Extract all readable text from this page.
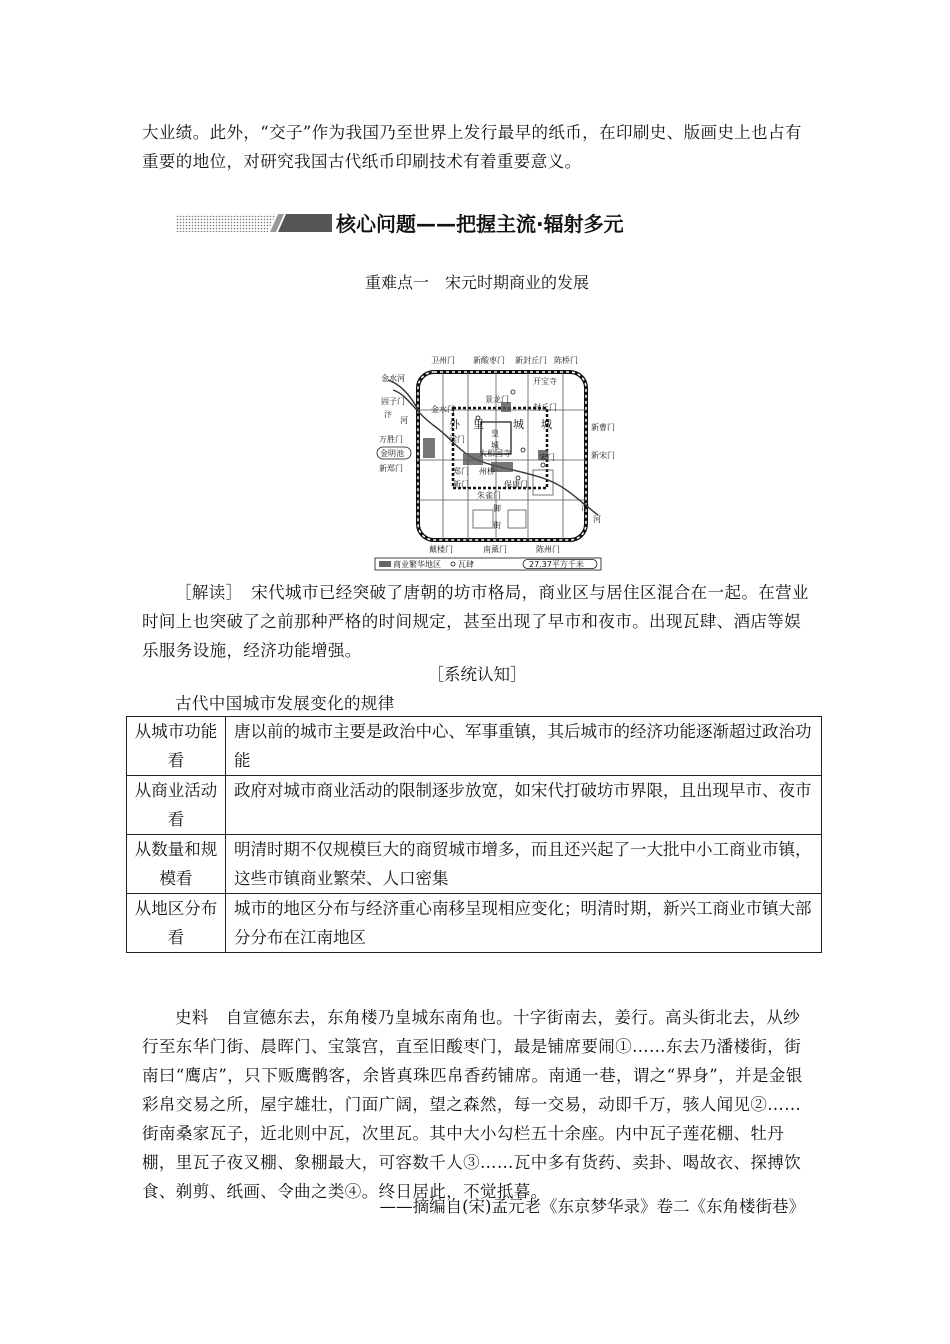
大业绩。此外，“交子”作为我国乃至世界上发行最早的纸币，在印刷史、版画史上也占有重要的地位，对研究我国古代纸币印刷技术有着重要意义。
核心问题——把握主流·辐射多元
重难点一　宋元时期商业的发展
卫州门 新酸枣门 新封丘门 陈桥门
金水河
固子门
汴
河
开宝寺
景龙门
金水门	封丘门
外 里	城 城
梁门
皇
城
万胜门
金明池	大相国寺	宋门
新郑门	郑门 州桥
新门	保康门
朱雀门
御
街
新曹门
新宋门
汴
河
戴楼门	南薰门	陈州门
商业繁华地区 瓦肆	27.37平方千米
［解读］　宋代城市已经突破了唐朝的坊市格局，商业区与居住区混合在一起。在营业时间上也突破了之前那种严格的时间规定，甚至出现了早市和夜市。出现瓦肆、酒店等娱乐服务设施，经济功能增强。
［系统认知］
古代中国城市发展变化的规律
从城市功能看	唐以前的城市主要是政治中心、军事重镇，其后城市的经济功能逐渐超过政治功能
从商业活动看	政府对城市商业活动的限制逐步放宽，如宋代打破坊市界限，且出现早市、夜市
从数量和规模看	明清时期不仅规模巨大的商贸城市增多，而且还兴起了一大批中小工商业市镇，这些市镇商业繁荣、人口密集
从地区分布看	城市的地区分布与经济重心南移呈现相应变化；明清时期，新兴工商业市镇大部分分布在江南地区
史料　自宣德东去，东角楼乃皇城东南角也。十字街南去，姜行。高头街北去，从纱行至东华门街、晨晖门、宝箓宫，直至旧酸枣门，最是铺席要闹①……东去乃潘楼街，街南曰“鹰店”，只下贩鹰鹘客，余皆真珠匹帛香药铺席。南通一巷，谓之“界身”，并是金银彩帛交易之所，屋宇雄壮，门面广阔，望之森然，每一交易，动即千万，骇人闻见②……街南桑家瓦子，近北则中瓦，次里瓦。其中大小勾栏五十余座。内中瓦子莲花棚、牡丹棚，里瓦子夜叉棚、象棚最大，可容数千人③……瓦中多有货药、卖卦、喝故衣、探搏饮食、剃剪、纸画、令曲之类④。终日居此，不觉抵暮。
——摘编自(宋)孟元老《东京梦华录》卷二《东角楼街巷》
